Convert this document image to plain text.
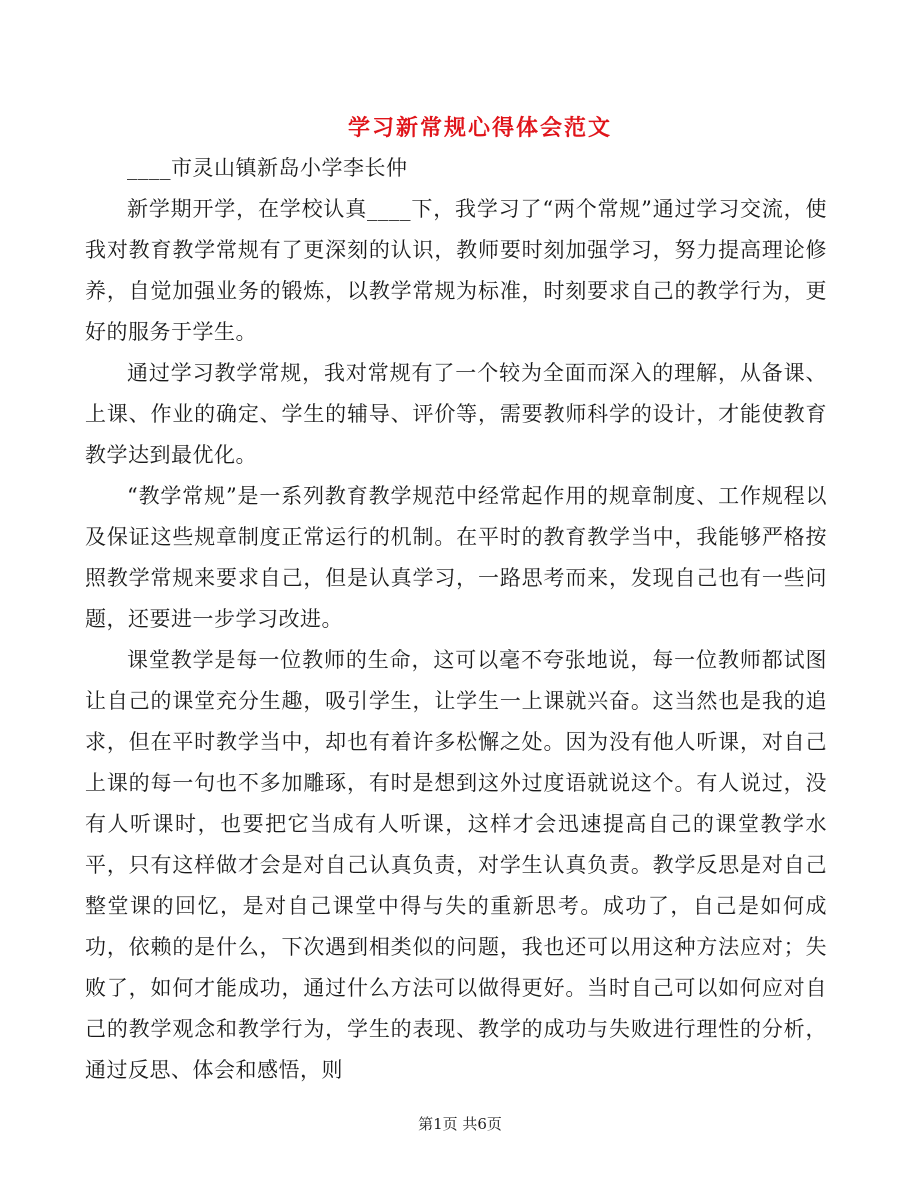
学习新常规心得体会范文

____市灵山镇新岛小学李长仲

新学期开学，在学校认真____下，我学习了“两个常规”通过学习交流，使我对教育教学常规有了更深刻的认识，教师要时刻加强学习，努力提高理论修养，自觉加强业务的锻炼，以教学常规为标准，时刻要求自己的教学行为，更好的服务于学生。

通过学习教学常规，我对常规有了一个较为全面而深入的理解，从备课、上课、作业的确定、学生的辅导、评价等，需要教师科学的设计，才能使教育教学达到最优化。

“教学常规”是一系列教育教学规范中经常起作用的规章制度、工作规程以及保证这些规章制度正常运行的机制。在平时的教育教学当中，我能够严格按照教学常规来要求自己，但是认真学习，一路思考而来，发现自己也有一些问题，还要进一步学习改进。

课堂教学是每一位教师的生命，这可以毫不夸张地说，每一位教师都试图让自己的课堂充分生趣，吸引学生，让学生一上课就兴奋。这当然也是我的追求，但在平时教学当中，却也有着许多松懈之处。因为没有他人听课，对自己上课的每一句也不多加雕琢，有时是想到这外过度语就说这个。有人说过，没有人听课时，也要把它当成有人听课，这样才会迅速提高自己的课堂教学水平，只有这样做才会是对自己认真负责，对学生认真负责。教学反思是对自己整堂课的回忆，是对自己课堂中得与失的重新思考。成功了，自己是如何成功，依赖的是什么，下次遇到相类似的问题，我也还可以用这种方法应对；失败了，如何才能成功，通过什么方法可以做得更好。当时自己可以如何应对自己的教学观念和教学行为，学生的表现、教学的成功与失败进行理性的分析，通过反思、体会和感悟，则

第1页 共6页
